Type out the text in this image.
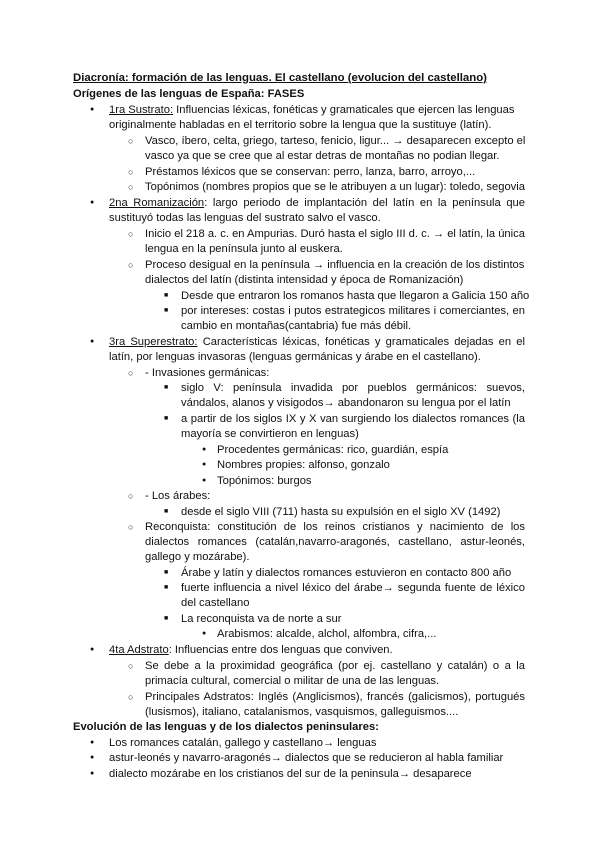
Diacronía: formación de las lenguas. El castellano (evolucion del castellano)
Orígenes de las lenguas de España: FASES
●
1ra Sustrato: Influencias léxicas, fonéticas y gramaticales que ejercen las lenguas
originalmente habladas en el territorio sobre la lengua que la sustituye (latín).
○
Vasco, íbero, celta, griego, tarteso, fenicio, ligur... → desaparecen excepto el
vasco ya que se cree que al estar detras de montañas no podian llegar.
○
Préstamos léxicos que se conservan: perro, lanza, barro, arroyo,...
○
Topónimos (nombres propios que se le atribuyen a un lugar): toledo, segovia
●
2na Romanización: largo periodo de implantación del latín en la península que
sustituyó todas las lenguas del sustrato salvo el vasco.
○
Inicio el 218 a. c. en Ampurias. Duró hasta el siglo III d. c. → el latín, la única
lengua en la península junto al euskera.
○
Proceso desigual en la península → influencia en la creación de los distintos
dialectos del latín (distinta intensidad y época de Romanización)
■
Desde que entraron los romanos hasta que llegaron a Galicia 150 año
■
por intereses: costas i putos estrategicos militares i comerciantes, en
cambio en montañas(cantabria) fue más débil.
●
3ra Superestrato: Características léxicas, fonéticas y gramaticales dejadas en el
latín, por lenguas invasoras (lenguas germánicas y árabe en el castellano).
○
- Invasiones germánicas:
■
siglo V: península invadida por pueblos germánicos: suevos,
vándalos, alanos y visigodos→ abandonaron su lengua por el latín
■
a partir de los siglos IX y X van surgiendo los dialectos romances (la
mayoría se convirtieron en lenguas)
●
Procedentes germánicas: rico, guardián, espía
●
Nombres propies: alfonso, gonzalo
●
Topónimos: burgos
○
- Los árabes:
■
desde el siglo VIII (711) hasta su expulsión en el siglo XV (1492)
○
Reconquista: constitución de los reinos cristianos y nacimiento de los
dialectos romances (catalán,navarro-aragonés, castellano, astur-leonés,
gallego y mozárabe).
■
Árabe y latín y dialectos romances estuvieron en contacto 800 año
■
fuerte influencia a nivel léxico del árabe→ segunda fuente de léxico
del castellano
■
La reconquista va de norte a sur
●
Arabismos: alcalde, alchol, alfombra, cifra,...
●
4ta Adstrato: Influencias entre dos lenguas que conviven.
○
Se debe a la proximidad geográfica (por ej. castellano y catalán) o a la
primacía cultural, comercial o militar de una de las lenguas.
○
Principales Adstratos: Inglés (Anglicismos), francés (galicismos), portugués
(lusismos), italiano, catalanismos, vasquismos, galleguismos....
Evolución de las lenguas y de los dialectos peninsulares:
●
Los romances catalán, gallego y castellano→ lenguas
●
astur-leonés y navarro-aragonés→ dialectos que se reducieron al habla familiar
●
dialecto mozárabe en los cristianos del sur de la peninsula→ desaparece
